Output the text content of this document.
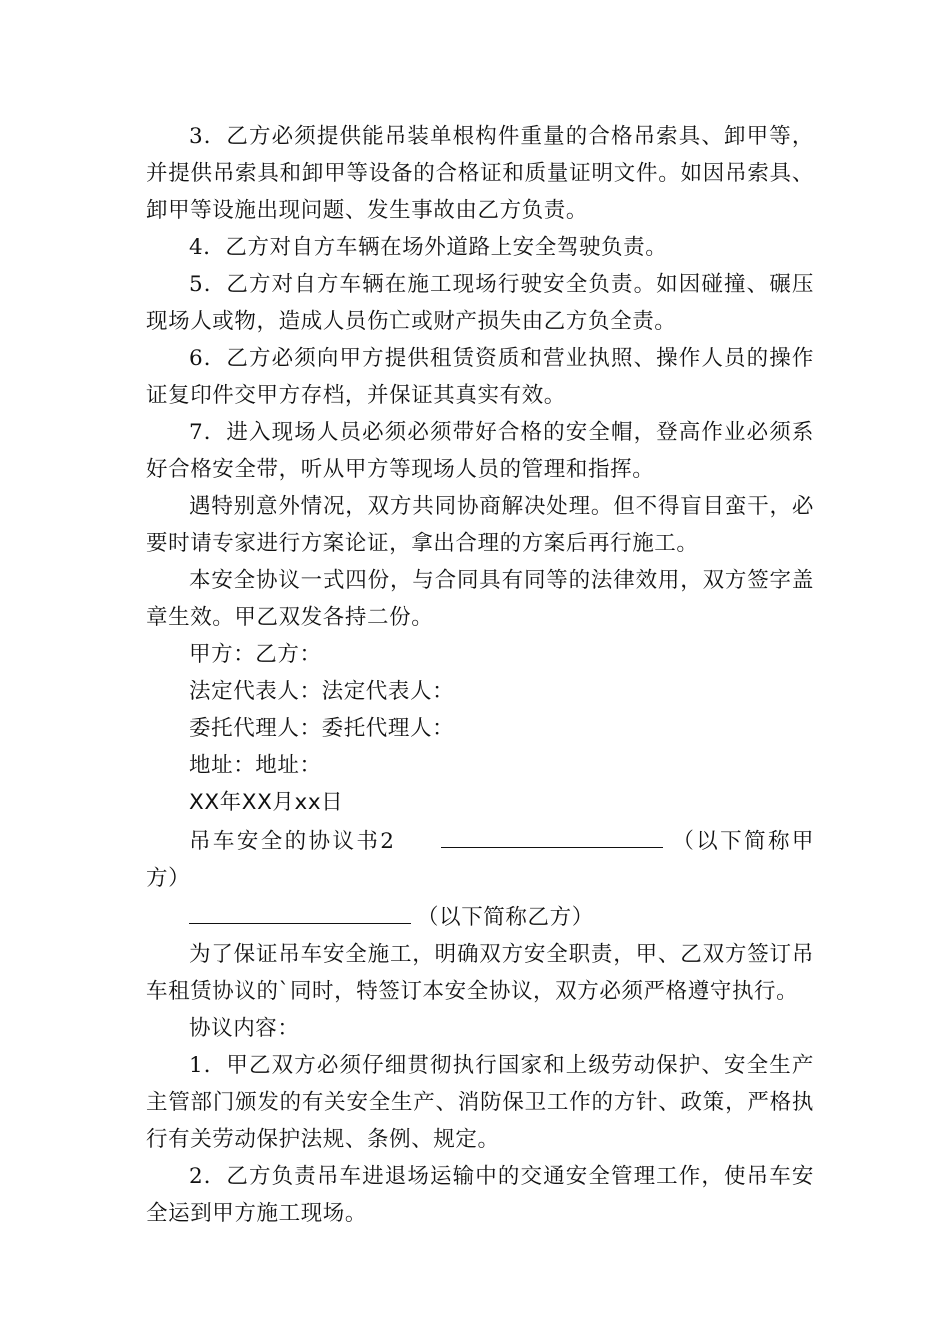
3．乙方必须提供能吊装单根构件重量的合格吊索具、卸甲等，并提供吊索具和卸甲等设备的合格证和质量证明文件。如因吊索具、卸甲等设施出现问题、发生事故由乙方负责。

4．乙方对自方车辆在场外道路上安全驾驶负责。

5．乙方对自方车辆在施工现场行驶安全负责。如因碰撞、碾压现场人或物，造成人员伤亡或财产损失由乙方负全责。

6．乙方必须向甲方提供租赁资质和营业执照、操作人员的操作证复印件交甲方存档，并保证其真实有效。

7．进入现场人员必须必须带好合格的安全帽，登高作业必须系好合格安全带，听从甲方等现场人员的管理和指挥。

遇特别意外情况，双方共同协商解决处理。但不得盲目蛮干，必要时请专家进行方案论证，拿出合理的方案后再行施工。

本安全协议一式四份，与合同具有同等的法律效用，双方签字盖章生效。甲乙双发各持二份。

甲方：乙方：

法定代表人：法定代表人：

委托代理人：委托代理人：

地址：地址：

XX年XX月xx日

吊车安全的协议书2	（以下简称甲方）

（以下简称乙方）

为了保证吊车安全施工，明确双方安全职责，甲、乙双方签订吊车租赁协议的`同时，特签订本安全协议，双方必须严格遵守执行。

协议内容：

1．甲乙双方必须仔细贯彻执行国家和上级劳动保护、安全生产主管部门颁发的有关安全生产、消防保卫工作的方针、政策，严格执行有关劳动保护法规、条例、规定。

2．乙方负责吊车进退场运输中的交通安全管理工作，使吊车安全运到甲方施工现场。
